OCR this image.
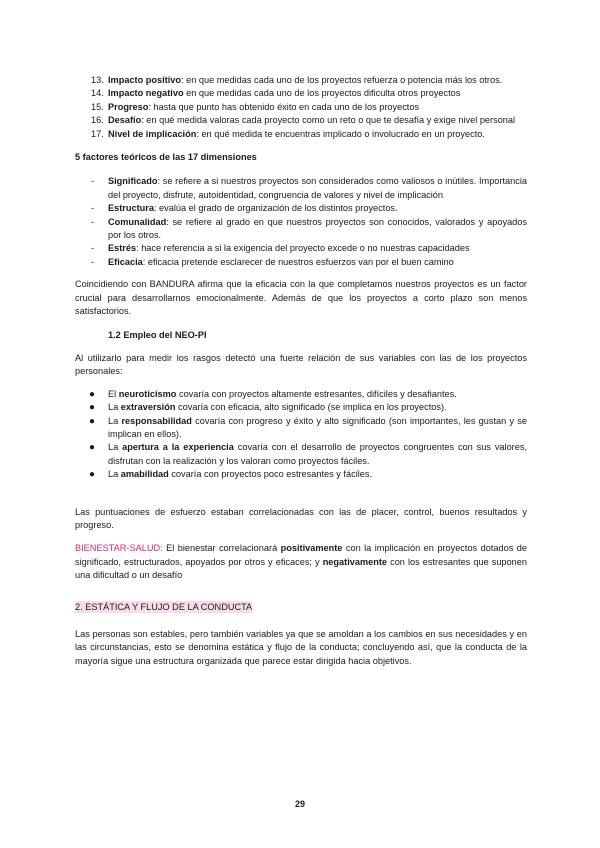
13. Impacto positivo: en que medidas cada uno de los proyectos refuerza o potencia más los otros.
14. Impacto negativo en que medidas cada uno de los proyectos dificulta otros proyectos
15. Progreso: hasta que punto has obtenido éxito en cada uno de los proyectos
16. Desafío: en qué medida valoras cada proyecto como un reto o que te desafía y exige nivel personal
17. Nivel de implicación: en qué medida te encuentras implicado o involucrado en un proyecto.

5 factores teóricos de las 17 dimensiones

- Significado: se refiere a si nuestros proyectos son considerados como valiosos o inútiles. Importancia del proyecto, disfrute, autoidentidad, congruencia de valores y nivel de implicación
- Estructura: evalúa el grado de organización de los distintos proyectos.
- Comunalidad: se refiere al grado en que nuestros proyectos son conocidos, valorados y apoyados por los otros.
- Estrés: hace referencia a si la exigencia del proyecto excede o no nuestras capacidades
- Eficacia: eficacia pretende esclarecer de nuestros esfuerzos van por el buen camino

Coincidiendo con BANDURA afirma que la eficacia con la que completamos nuestros proyectos es un factor crucial para desarrollarnos emocionalmente. Además de que los proyectos a corto plazo son menos satisfactorios.

1.2 Empleo del NEO-PI

Al utilizarlo para medir los rasgos detectó una fuerte relación de sus variables con las de los proyectos personales:

● El neuroticismo covaría con proyectos altamente estresantes, difíciles y desafiantes.
● La extraversión covaría con eficacia, alto significado (se implica en los proyectos).
● La responsabilidad covaría con progreso y éxito y alto significado (son importantes, les gustan y se implican en ellos).
● La apertura a la experiencia covaría con el desarrollo de proyectos congruentes con sus valores, disfrutan con la realización y los valoran como proyectos fáciles.
● La amabilidad covaría con proyectos poco estresantes y fáciles.

Las puntuaciones de esfuerzo estaban correlacionadas con las de placer, control, buenos resultados y progreso.

BIENESTAR-SALUD: El bienestar correlacionará positivamente con la implicación en proyectos dotados de significado, estructurados, apoyados por otros y eficaces; y negativamente con los estresantes que suponen una dificultad o un desafío

2. ESTÁTICA Y FLUJO DE LA CONDUCTA

Las personas son estables, pero también variables ya que se amoldan a los cambios en sus necesidades y en las circunstancias, esto se denomina estática y flujo de la conducta; concluyendo así, que la conducta de la mayoría sigue una estructura organizada que parece estar dirigida hacia objetivos.

29
